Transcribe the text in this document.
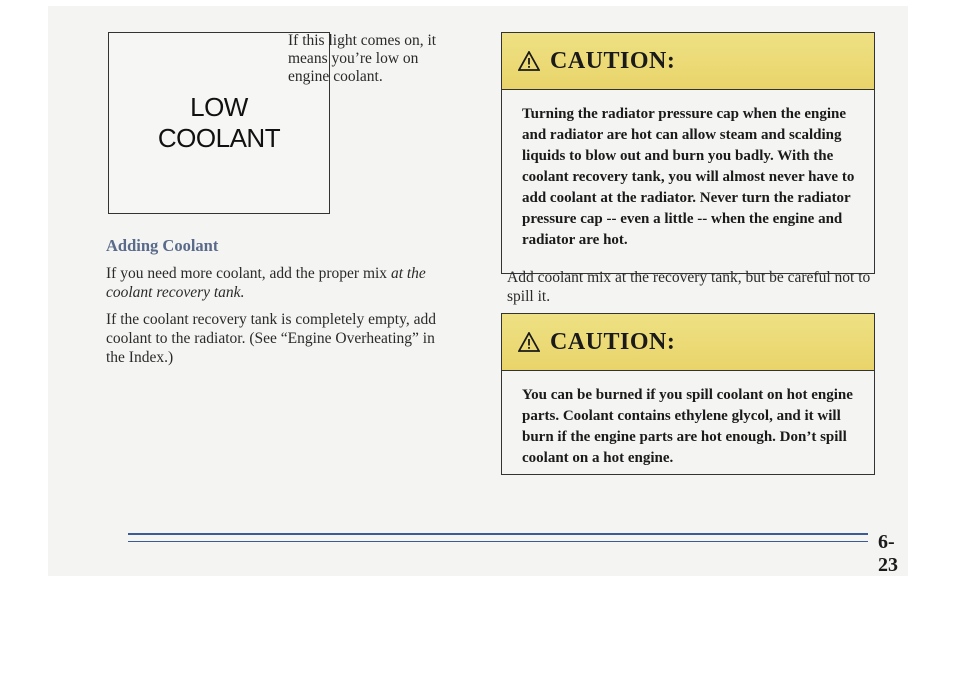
LOW
COOLANT
If this light comes on, it means you’re low on engine coolant.
Adding Coolant

If you need more coolant, add the proper mix at the coolant recovery tank.

If the coolant recovery tank is completely empty, add coolant to the radiator. (See “Engine Overheating” in the Index.)

CAUTION:
Turning the radiator pressure cap when the engine and radiator are hot can allow steam and scalding liquids to blow out and burn you badly. With the coolant recovery tank, you will almost never have to add coolant at the radiator. Never turn the radiator pressure cap -- even a little -- when the engine and radiator are hot.
Add coolant mix at the recovery tank, but be careful not to spill it.
CAUTION:
You can be burned if you spill coolant on hot engine parts. Coolant contains ethylene glycol, and it will burn if the engine parts are hot enough. Don’t spill coolant on a hot engine.
6-23
